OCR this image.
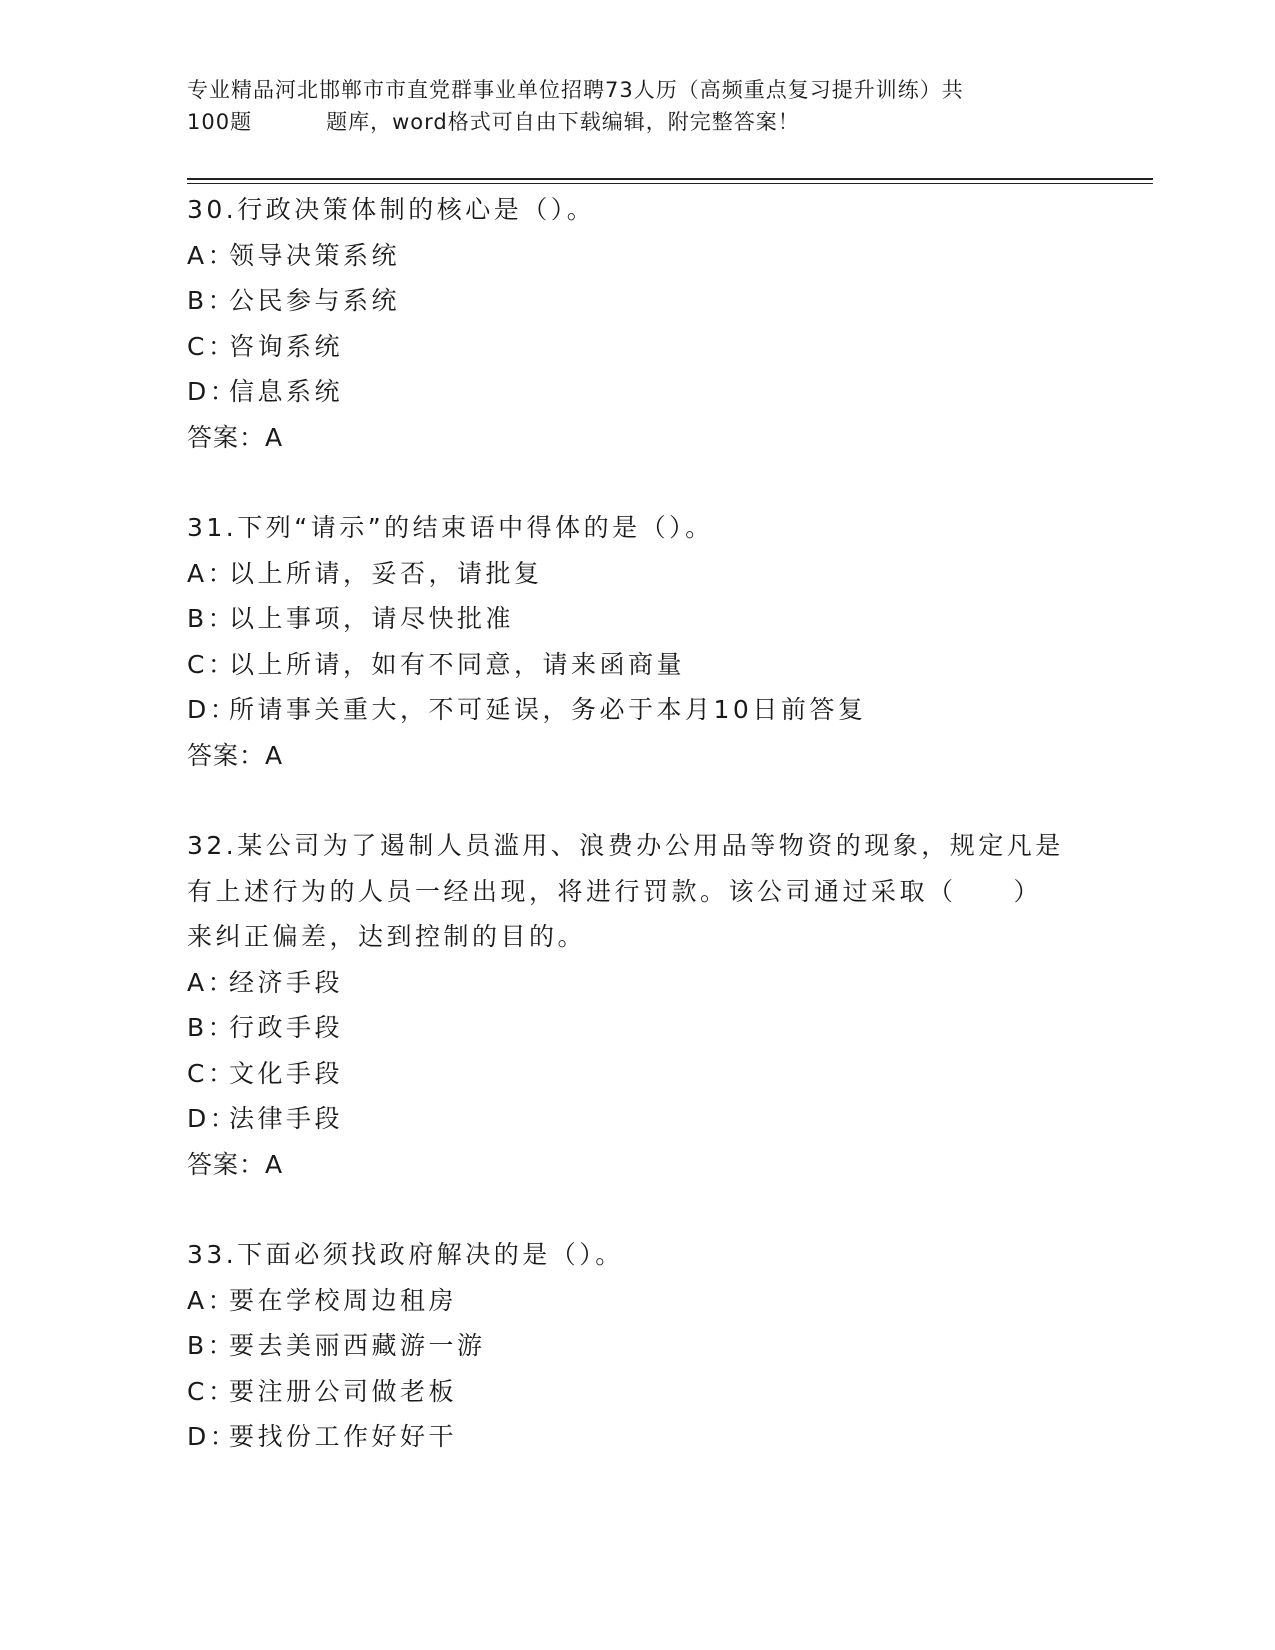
专业精品河北邯郸市市直党群事业单位招聘73人历（高频重点复习提升训练）共
100题	题库，word格式可自由下载编辑，附完整答案！
30.行政决策体制的核心是（）。
A：领导决策系统
B：公民参与系统
C：咨询系统
D：信息系统
答案：A
31.下列“请示”的结束语中得体的是（）。
A：以上所请，妥否，请批复
B：以上事项，请尽快批准
C：以上所请，如有不同意，请来函商量
D：所请事关重大，不可延误，务必于本月10日前答复
答案：A
32.某公司为了遏制人员滥用、浪费办公用品等物资的现象，规定凡是
有上述行为的人员一经出现，将进行罚款。该公司通过采取（　　）
来纠正偏差，达到控制的目的。
A：经济手段
B：行政手段
C：文化手段
D：法律手段
答案：A
33.下面必须找政府解决的是（）。
A：要在学校周边租房
B：要去美丽西藏游一游
C：要注册公司做老板
D：要找份工作好好干
